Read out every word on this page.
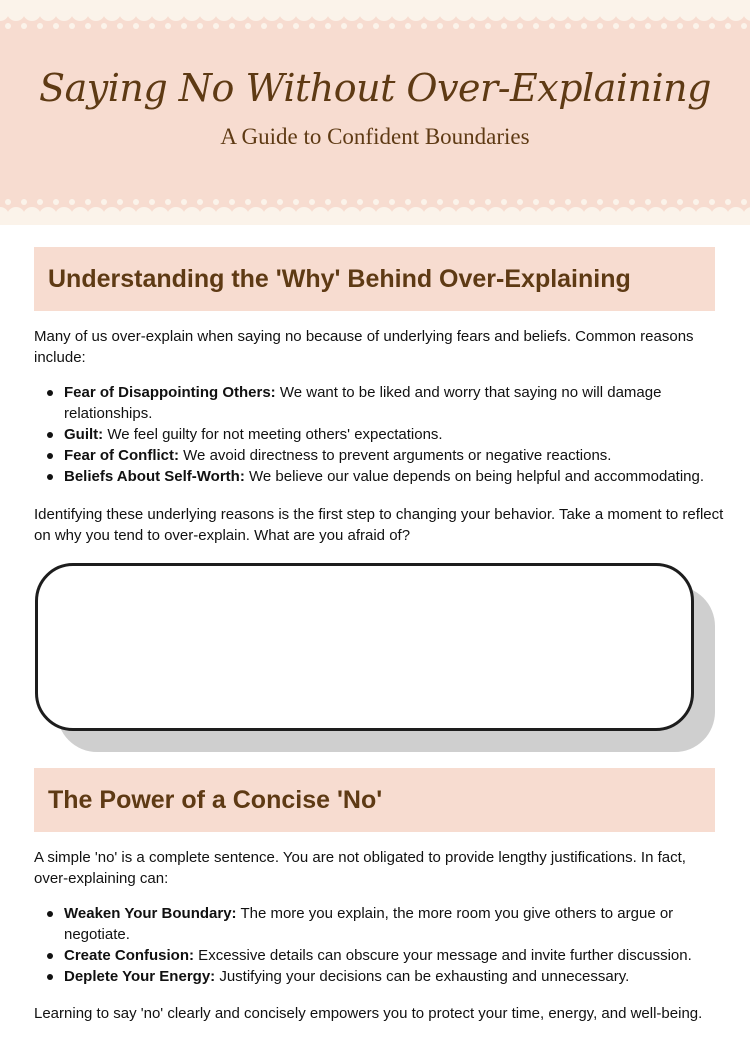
Saying No Without Over-Explaining
A Guide to Confident Boundaries
Understanding the 'Why' Behind Over-Explaining

Many of us over-explain when saying no because of underlying fears and beliefs. Common reasons include:

Fear of Disappointing Others: We want to be liked and worry that saying no will damage relationships.
Guilt: We feel guilty for not meeting others' expectations.
Fear of Conflict: We avoid directness to prevent arguments or negative reactions.
Beliefs About Self-Worth: We believe our value depends on being helpful and accommodating.

Identifying these underlying reasons is the first step to changing your behavior. Take a moment to reflect on why you tend to over-explain. What are you afraid of?

The Power of a Concise 'No'

A simple 'no' is a complete sentence. You are not obligated to provide lengthy justifications. In fact, over-explaining can:

Weaken Your Boundary: The more you explain, the more room you give others to argue or negotiate.
Create Confusion: Excessive details can obscure your message and invite further discussion.
Deplete Your Energy: Justifying your decisions can be exhausting and unnecessary.

Learning to say 'no' clearly and concisely empowers you to protect your time, energy, and well-being.
